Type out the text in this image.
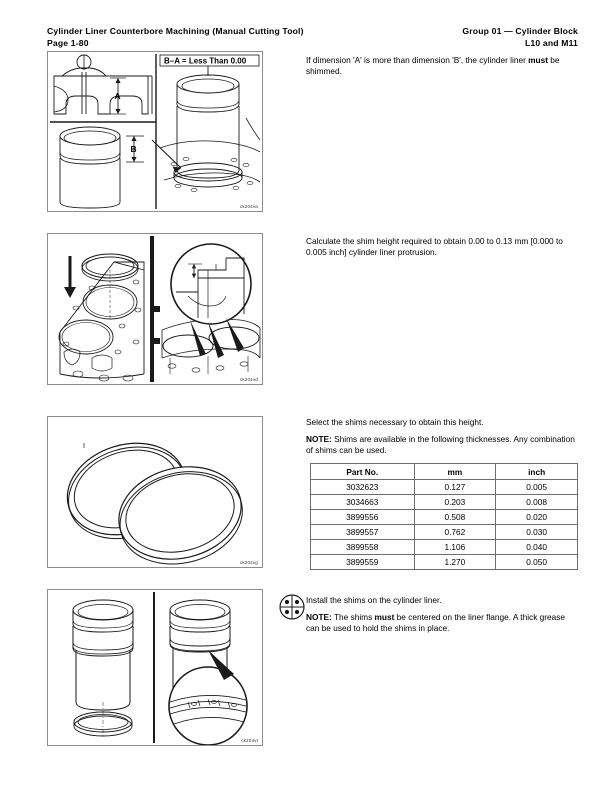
Cylinder Liner Counterbore Machining (Manual Cutting Tool)
Page 1-80
Group 01 — Cylinder Block
L10 and M11
B–A = Less Than 0.00
A
B
ck204va
ck204vd
ck204vg
ck204vt
If dimension 'A' is more than dimension 'B', the cylinder liner must be shimmed.
Calculate the shim height required to obtain 0.00 to 0.13 mm [0.000 to 0.005 inch] cylinder liner protrusion.
Select the shims necessary to obtain this height.
NOTE: Shims are available in the following thicknesses. Any combination of shims can be used.
Part No.	mm	inch
3032623	0.127	0.005
3034663	0.203	0.008
3899556	0.508	0.020
3899557	0.762	0.030
3899558	1.106	0.040
3899559	1.270	0.050
Install the shims on the cylinder liner.
NOTE: The shims must be centered on the liner flange. A thick grease can be used to hold the shims in place.
